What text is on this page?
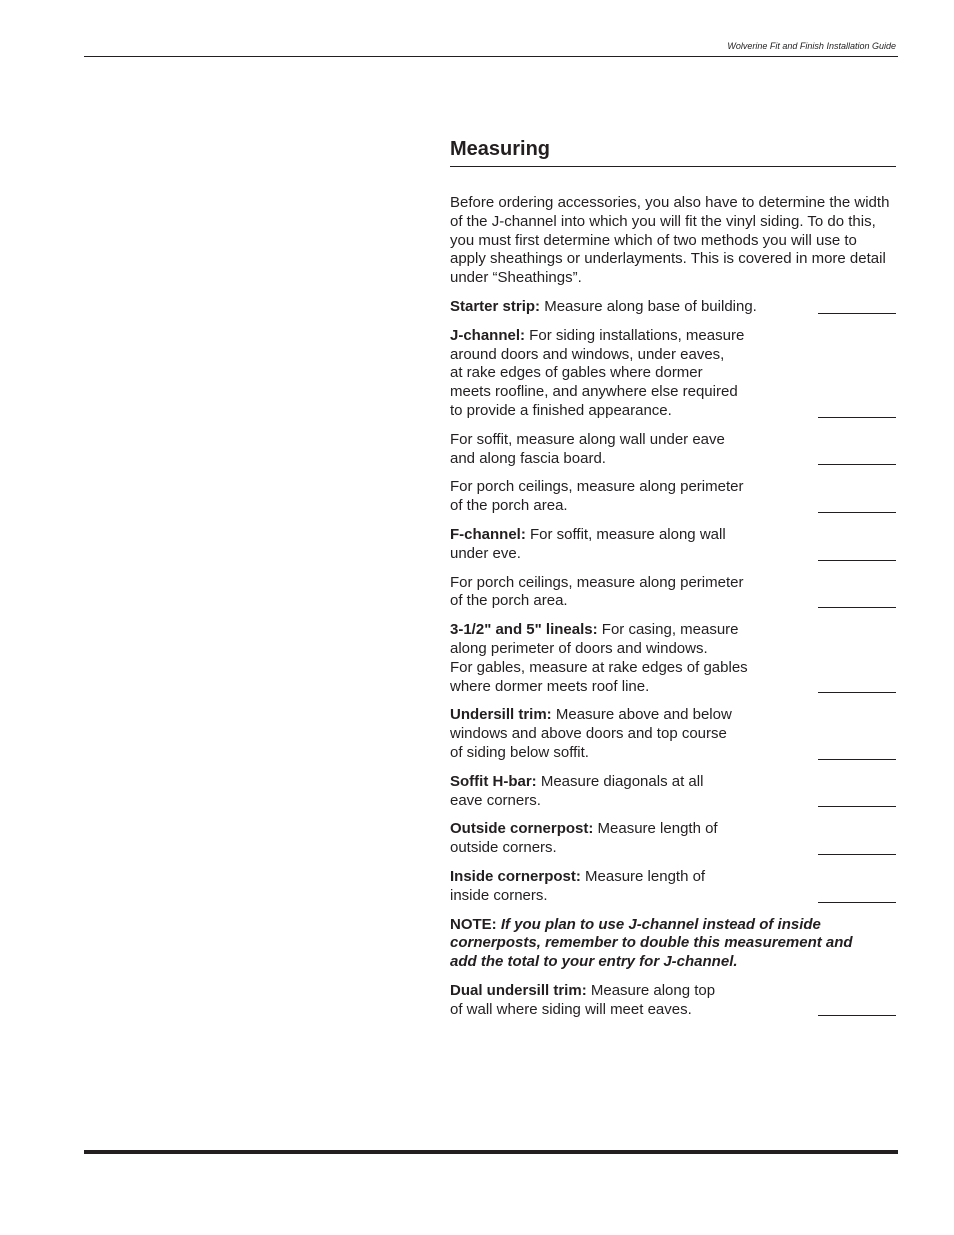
Wolverine Fit and Finish Installation Guide
Measuring

Before ordering accessories, you also have to determine the width of the J-channel into which you will fit the vinyl siding. To do this, you must first determine which of two methods you will use to apply sheathings or underlayments. This is covered in more detail under “Sheathings”.

Starter strip: Measure along base of building.
J-channel: For siding installations, measure
around doors and windows, under eaves,
at rake edges of gables where dormer
meets roofline, and anywhere else required
to provide a finished appearance.
For soffit, measure along wall under eave
and along fascia board.
For porch ceilings, measure along perimeter
of the porch area.
F-channel: For soffit, measure along wall
under eve.
For porch ceilings, measure along perimeter
of the porch area.
3-1/2" and 5" lineals: For casing, measure
along perimeter of doors and windows.
For gables, measure at rake edges of gables
where dormer meets roof line.
Undersill trim: Measure above and below
windows and above doors and top course
of siding below soffit.
Soffit H-bar: Measure diagonals at all
eave corners.
Outside cornerpost: Measure length of
outside corners.
Inside cornerpost: Measure length of
inside corners.
NOTE: If you plan to use J-channel instead of inside cornerposts, remember to double this measurement and add the total to your entry for J-channel.
Dual undersill trim: Measure along top
of wall where siding will meet eaves.
